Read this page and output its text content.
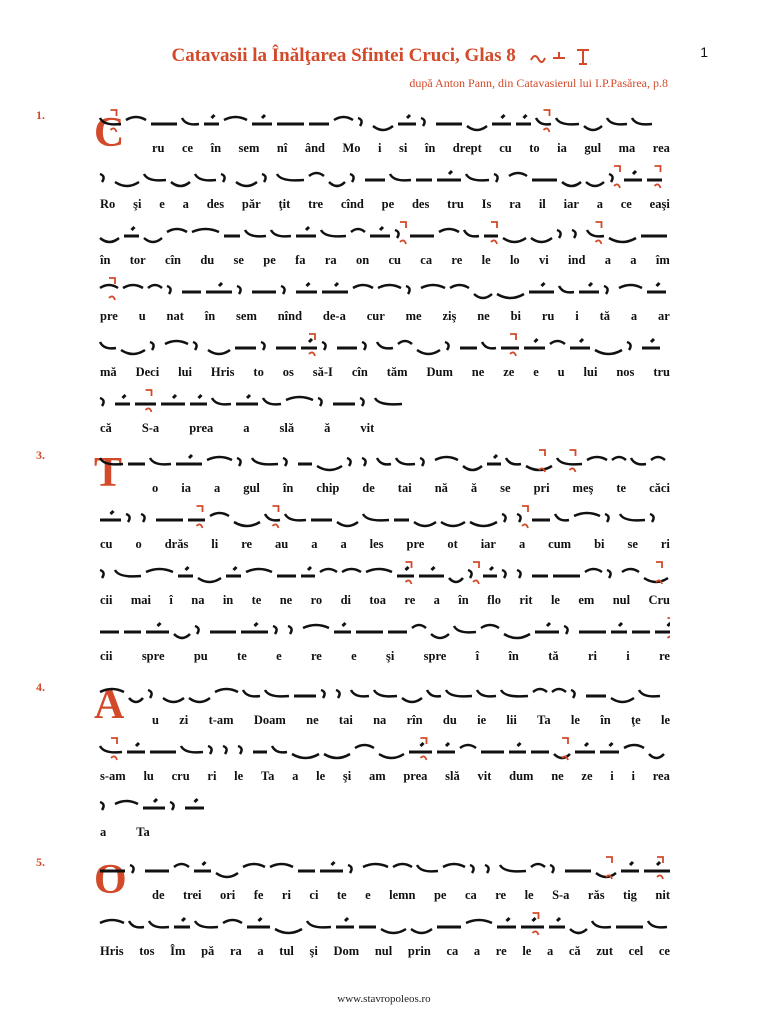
1
Catavasii la Înălţarea Sfintei Cruci, Glas 8
după Anton Pann, din Catavasierul lui I.P.Pasărea, p.8
1. C ru ce în sem nî ând Mo i si în drept cu to ia gul ma rea
Ro şi e a des păr ţit tre cînd pe des tru Is ra il iar a ce eaşi
în tor cîn du se pe fa ra on cu ca re le lo vi ind a a îm
pre u nat în sem nînd de-a cur me ziş ne bi ru i tă a ar
mă Deci lui Hris to os să-I cîn tăm Dum ne ze e u lui nos tru
că S-a prea a slă ă vit
3. T o ia a gul în chip de tai nă ă se pri meş te căci
cu o drăs li re au a a les pre ot iar a cum bi se ri
cii mai î na in te ne ro di toa re a în flo rit le em nul Cru
cii spre pu te e re e şi spre î în tă ri i re
4. A u zi t-am Doam ne tai na rîn du ie lii Ta le în ţe le
s-am lu cru ri le Ta a le şi am prea slă vit dum ne ze i i rea
a Ta
5. O de trei ori fe ri ci te e lemn pe ca re le S-a răs tig nit
Hris tos Îm pă ra a tul şi Dom nul prin ca a re le a că zut cel ce
www.stavropoleos.ro
